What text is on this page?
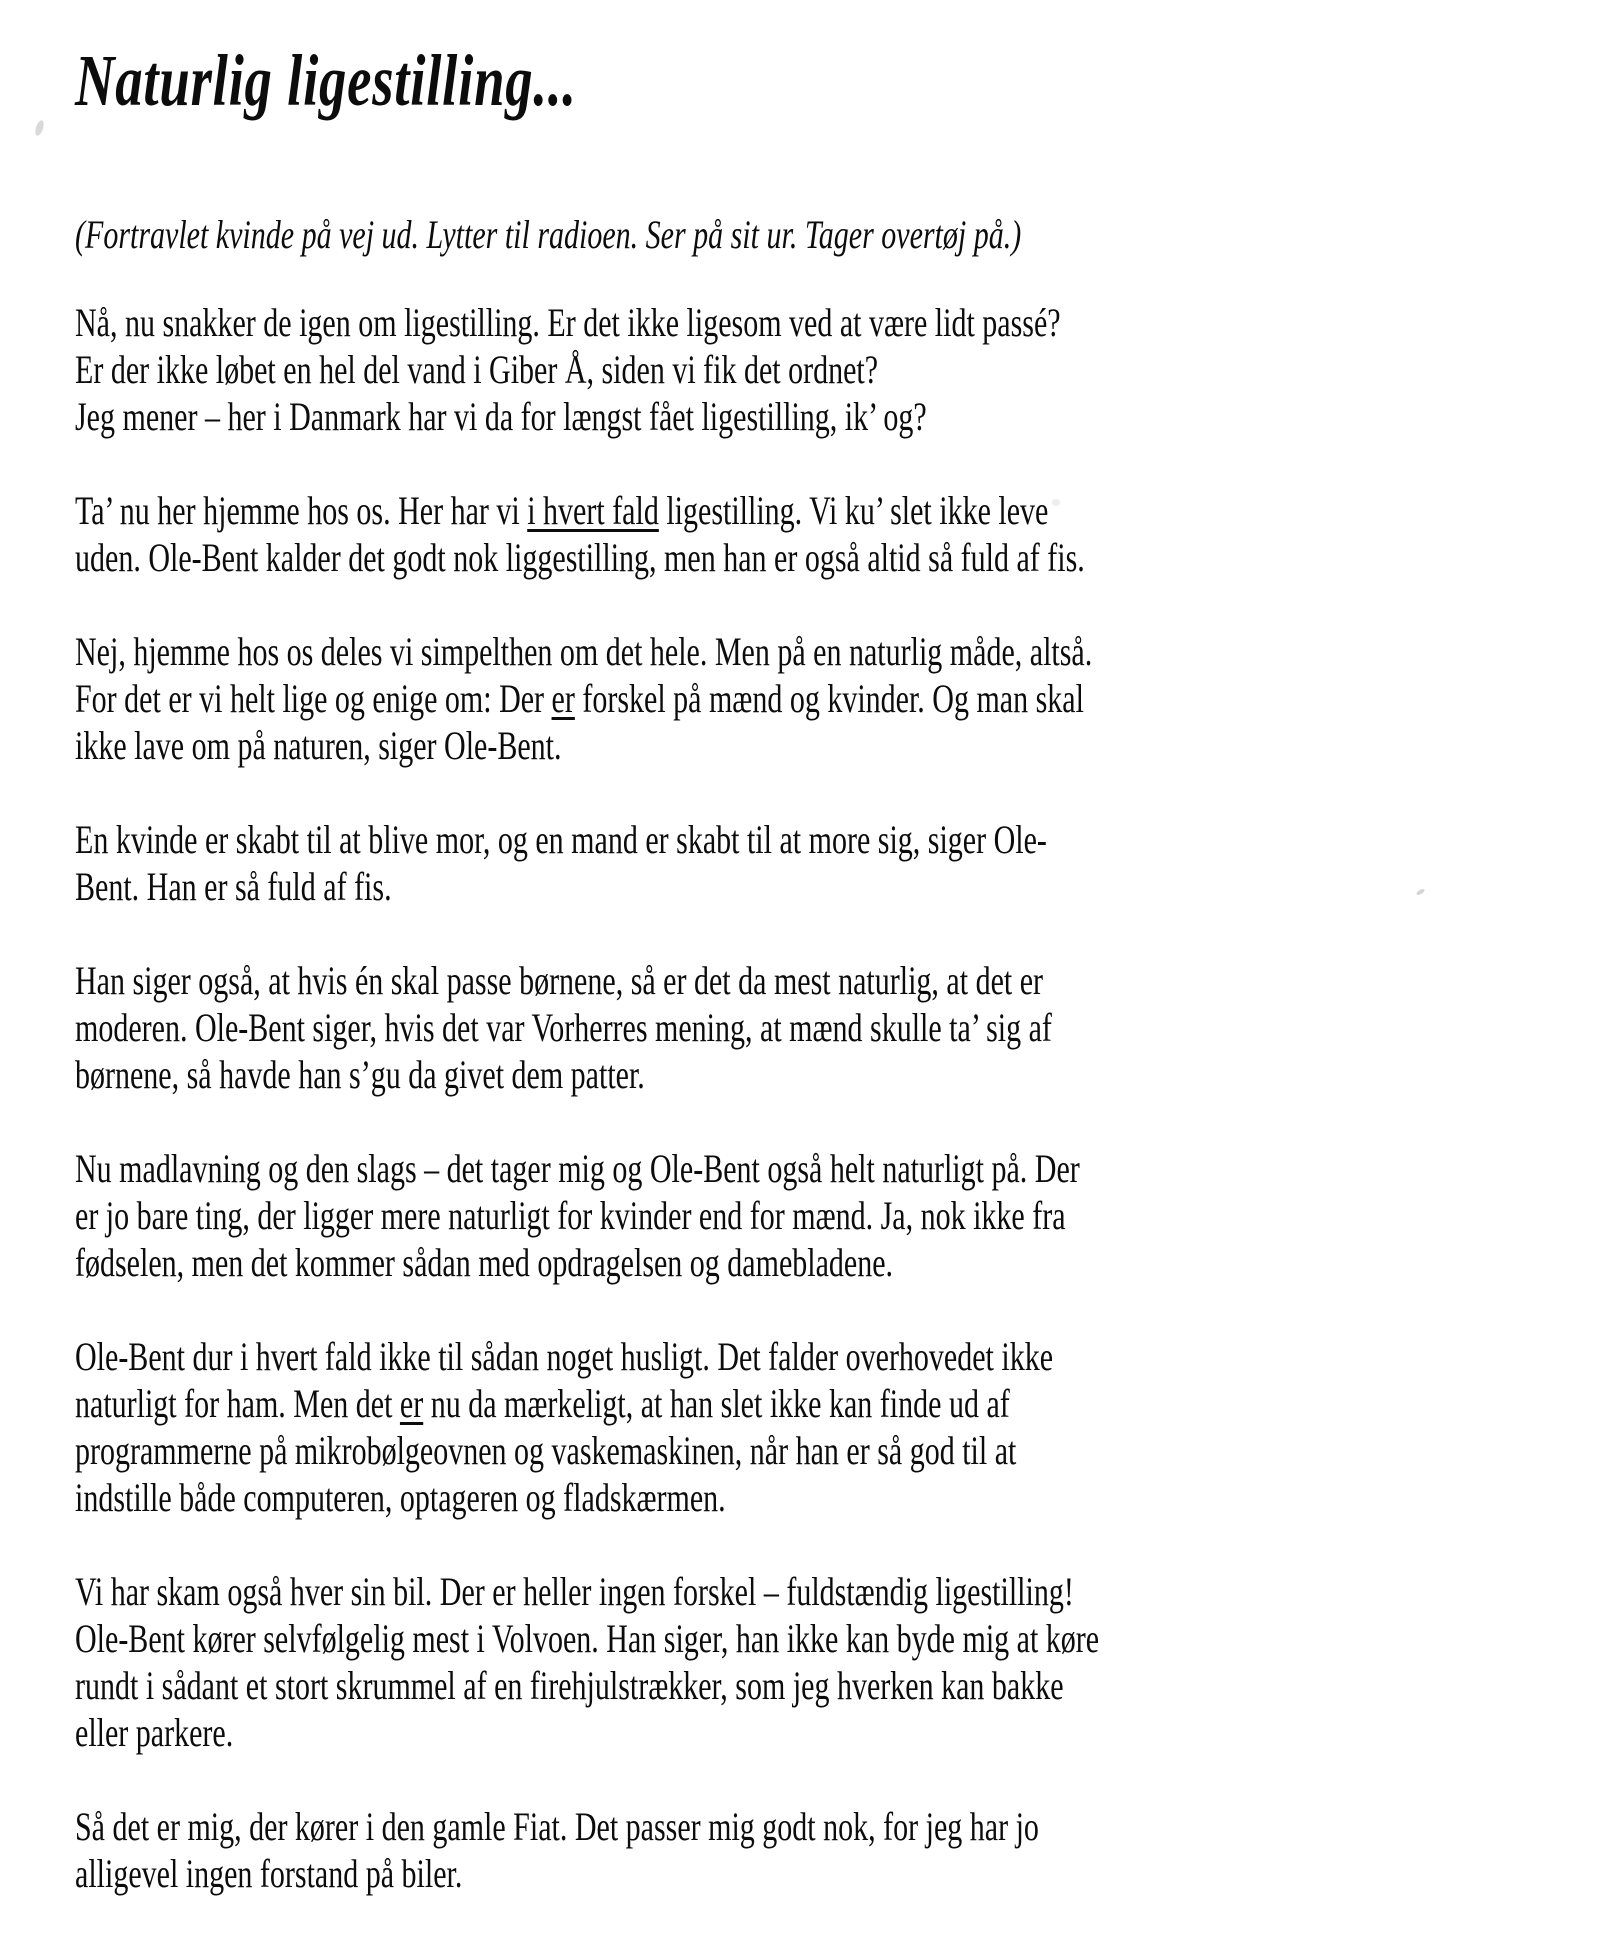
Naturlig ligestilling...

(Fortravlet kvinde på vej ud. Lytter til radioen. Ser på sit ur. Tager overtøj på.)

Nå, nu snakker de igen om ligestilling. Er det ikke ligesom ved at være lidt passé?
Er der ikke løbet en hel del vand i Giber Å, siden vi fik det ordnet?
Jeg mener – her i Danmark har vi da for længst fået ligestilling, ik’ og?

Ta’ nu her hjemme hos os. Her har vi i hvert fald ligestilling. Vi ku’ slet ikke leve
uden. Ole-Bent kalder det godt nok liggestilling, men han er også altid så fuld af fis.

Nej, hjemme hos os deles vi simpelthen om det hele. Men på en naturlig måde, altså.
For det er vi helt lige og enige om: Der er forskel på mænd og kvinder. Og man skal
ikke lave om på naturen, siger Ole-Bent.

En kvinde er skabt til at blive mor, og en mand er skabt til at more sig, siger Ole-
Bent. Han er så fuld af fis.

Han siger også, at hvis én skal passe børnene, så er det da mest naturlig, at det er
moderen. Ole-Bent siger, hvis det var Vorherres mening, at mænd skulle ta’ sig af
børnene, så havde han s’gu da givet dem patter.

Nu madlavning og den slags – det tager mig og Ole-Bent også helt naturligt på. Der
er jo bare ting, der ligger mere naturligt for kvinder end for mænd. Ja, nok ikke fra
fødselen, men det kommer sådan med opdragelsen og damebladene.

Ole-Bent dur i hvert fald ikke til sådan noget husligt. Det falder overhovedet ikke
naturligt for ham. Men det er nu da mærkeligt, at han slet ikke kan finde ud af
programmerne på mikrobølgeovnen og vaskemaskinen, når han er så god til at
indstille både computeren, optageren og fladskærmen.

Vi har skam også hver sin bil. Der er heller ingen forskel – fuldstændig ligestilling!
Ole-Bent kører selvfølgelig mest i Volvoen. Han siger, han ikke kan byde mig at køre
rundt i sådant et stort skrummel af en firehjulstrækker, som jeg hverken kan bakke
eller parkere.

Så det er mig, der kører i den gamle Fiat. Det passer mig godt nok, for jeg har jo
alligevel ingen forstand på biler.
